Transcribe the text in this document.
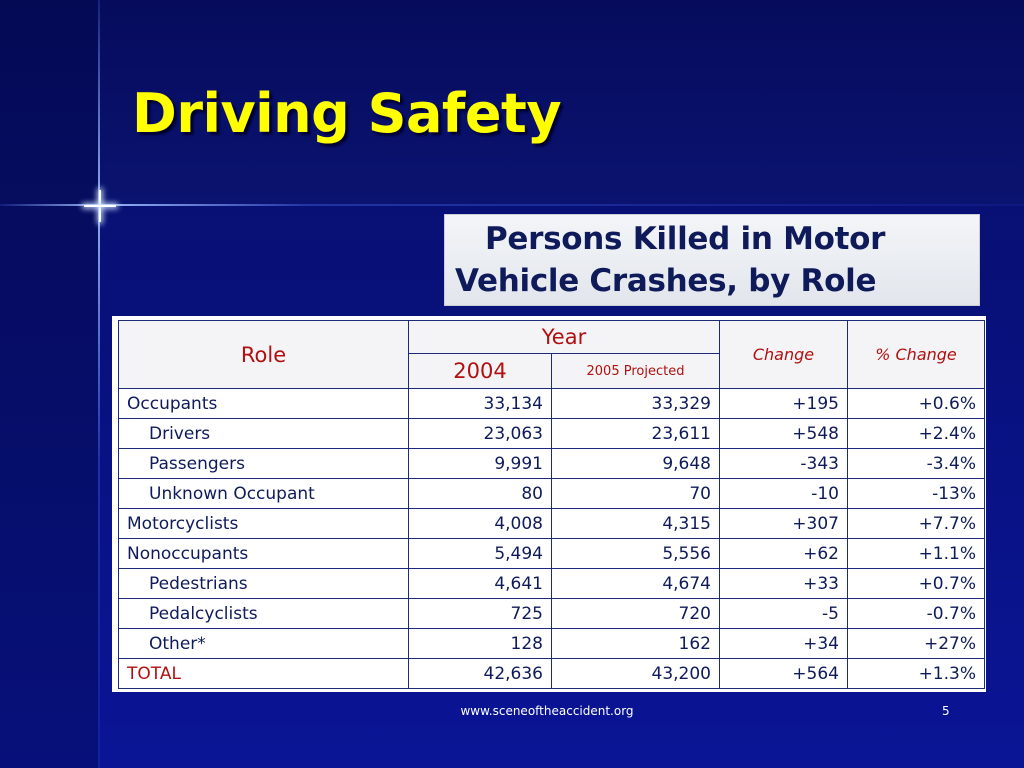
Driving Safety
Persons Killed in Motor
Vehicle Crashes, by Role
Role	Year		Change	% Change
	2004	2005 Projected		
Occupants	33,134	33,329	+195	+0.6%
Drivers	23,063	23,611	+548	+2.4%
Passengers	9,991	9,648	-343	-3.4%
Unknown Occupant	80	70	-10	-13%
Motorcyclists	4,008	4,315	+307	+7.7%
Nonoccupants	5,494	5,556	+62	+1.1%
Pedestrians	4,641	4,674	+33	+0.7%
Pedalcyclists	725	720	-5	-0.7%
Other*	128	162	+34	+27%
TOTAL	42,636	43,200	+564	+1.3%
www.sceneoftheaccident.org	5
